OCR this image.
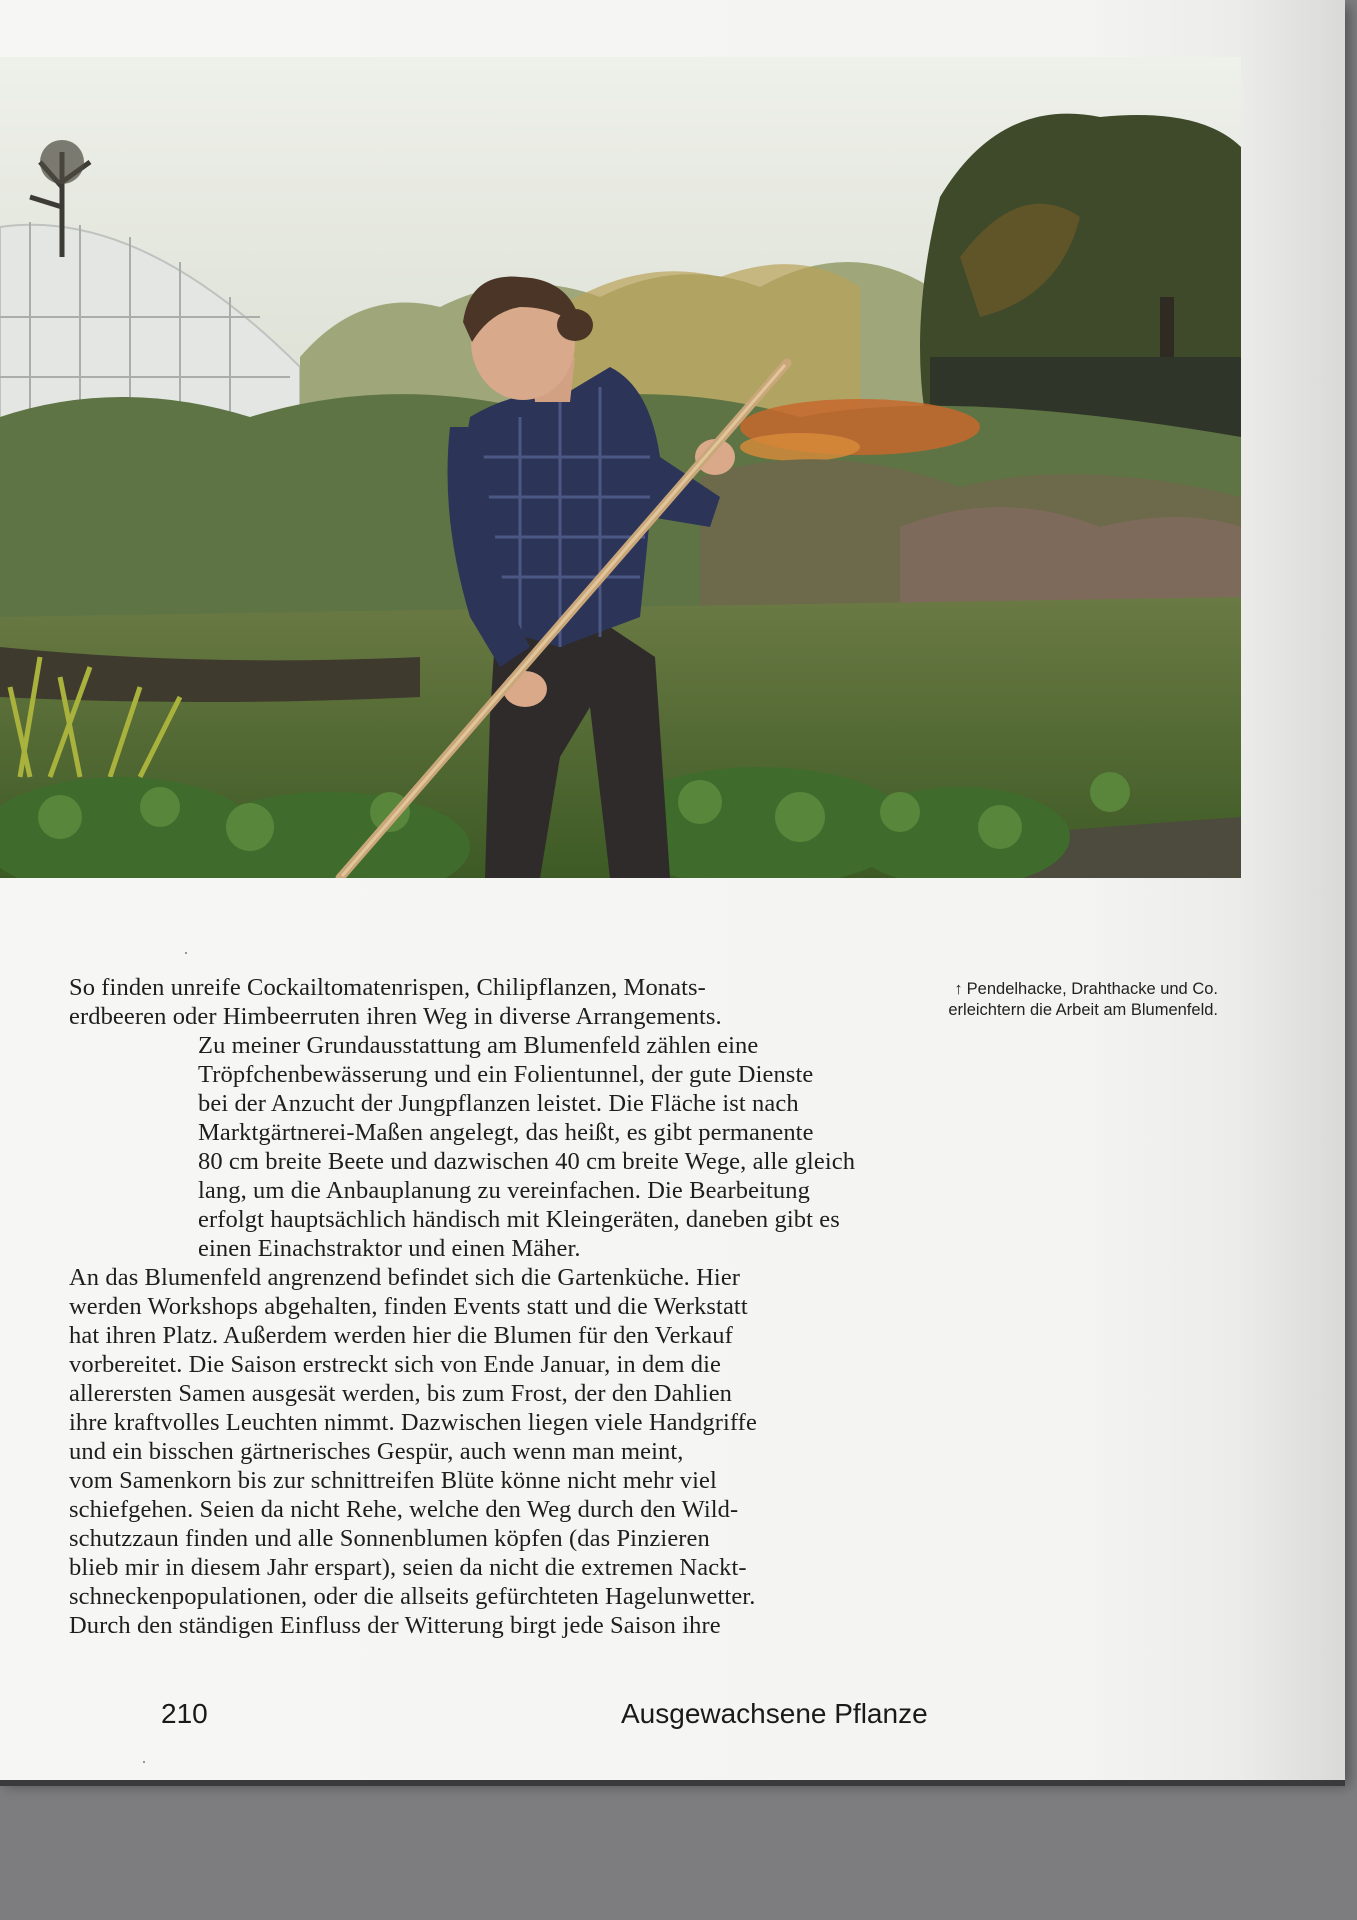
So finden unreife Cockailtomatenrispen, Chilipflanzen, Monats-
erdbeeren oder Himbeerruten ihren Weg in diverse Arrangements.

Zu meiner Grundausstattung am Blumenfeld zählen eine
Tröpfchenbewässerung und ein Folientunnel, der gute Dienste
bei der Anzucht der Jungpflanzen leistet. Die Fläche ist nach
Marktgärtnerei-Maßen angelegt, das heißt, es gibt permanente
80 cm breite Beete und dazwischen 40 cm breite Wege, alle gleich
lang, um die Anbauplanung zu vereinfachen. Die Bearbeitung
erfolgt hauptsächlich händisch mit Kleingeräten, daneben gibt es
einen Einachstraktor und einen Mäher.

An das Blumenfeld angrenzend befindet sich die Gartenküche. Hier
werden Workshops abgehalten, finden Events statt und die Werkstatt
hat ihren Platz. Außerdem werden hier die Blumen für den Verkauf
vorbereitet. Die Saison erstreckt sich von Ende Januar, in dem die
allerersten Samen ausgesät werden, bis zum Frost, der den Dahlien
ihre kraftvolles Leuchten nimmt. Dazwischen liegen viele Handgriffe
und ein bisschen gärtnerisches Gespür, auch wenn man meint,
vom Samenkorn bis zur schnittreifen Blüte könne nicht mehr viel
schiefgehen. Seien da nicht Rehe, welche den Weg durch den Wild-
schutzzaun finden und alle Sonnenblumen köpfen (das Pinzieren
blieb mir in diesem Jahr erspart), seien da nicht die extremen Nackt-
schneckenpopulationen, oder die allseits gefürchteten Hagelunwetter.
Durch den ständigen Einfluss der Witterung birgt jede Saison ihre

↑ Pendelhacke, Drahthacke und Co.
erleichtern die Arbeit am Blumenfeld.

210	Ausgewachsene Pflanze
